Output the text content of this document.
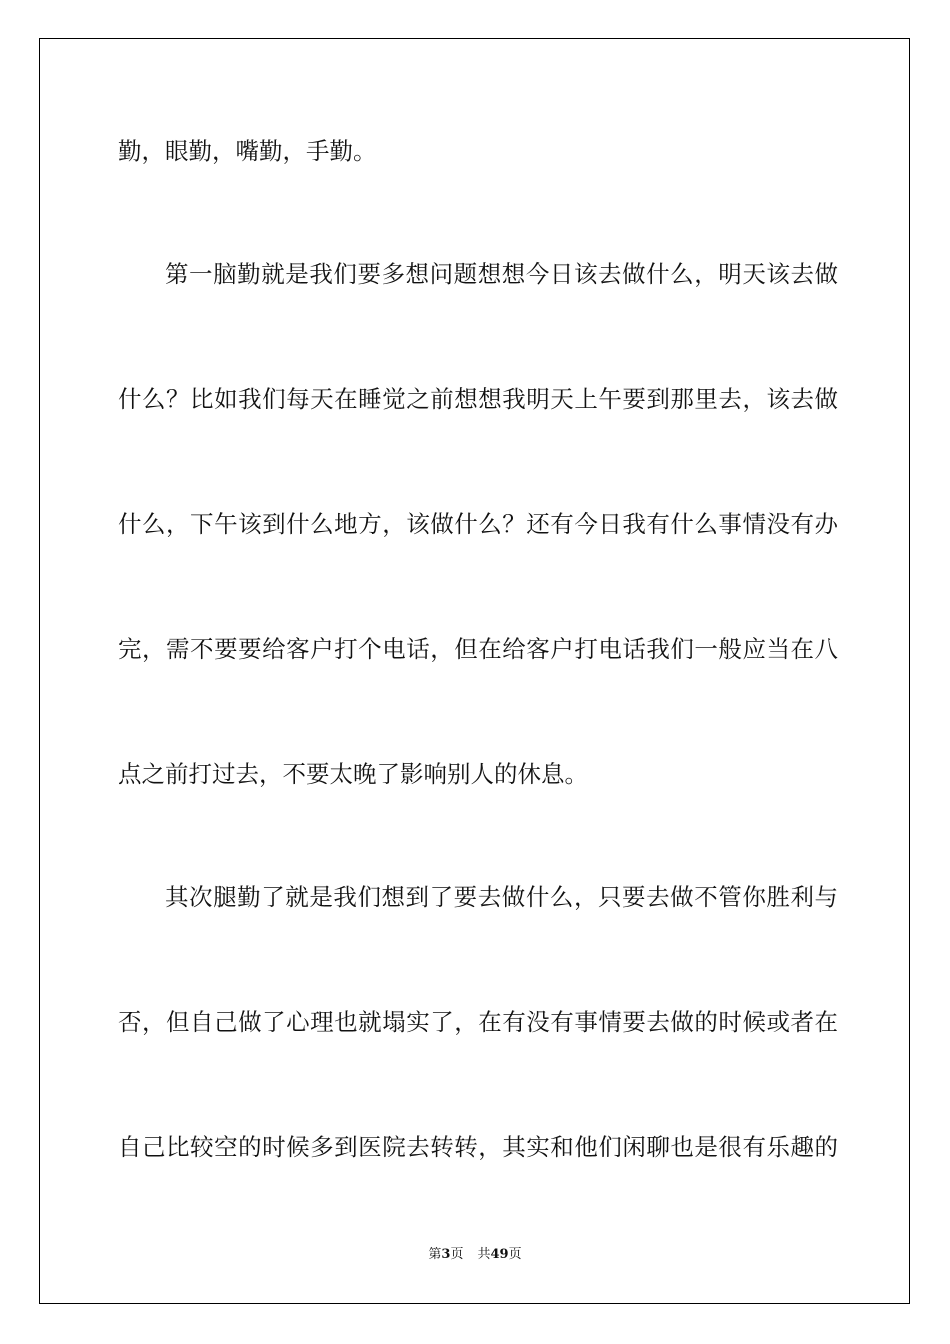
勤，眼勤，嘴勤，手勤。
第一脑勤就是我们要多想问题想想今日该去做什么，明天该去做
什么？比如我们每天在睡觉之前想想我明天上午要到那里去，该去做
什么，下午该到什么地方，该做什么？还有今日我有什么事情没有办
完，需不要要给客户打个电话，但在给客户打电话我们一般应当在八
点之前打过去，不要太晚了影响别人的休息。
其次腿勤了就是我们想到了要去做什么，只要去做不管你胜利与
否，但自己做了心理也就塌实了，在有没有事情要去做的时候或者在
自己比较空的时候多到医院去转转，其实和他们闲聊也是很有乐趣的
第3页 共49页
